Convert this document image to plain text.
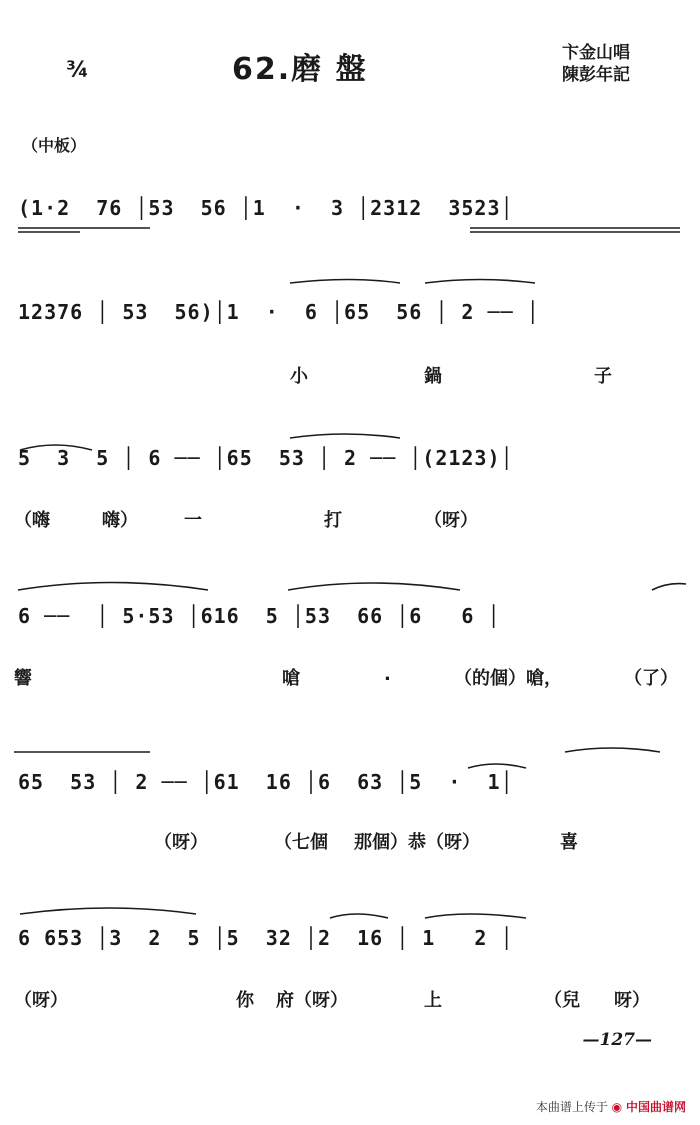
¾	62.磨 盤	卞金山唱
陳彭年記
（中板）
(1·2  76 │53  56 │1  ·  3 │2312  3523│
12376 │ 53  56)│1  ·  6 │65  56 │ 2 ── │
小	鍋	子
5  3  5 │ 6 ── │65  53 │ 2 ── │(2123)│
（嗨	嗨）	一	打	（呀）
6 ──  │ 5·53 │616  5 │53  66 │6   6 │
響	嗆	.	（的個）嗆，	（了）
65  53 │ 2 ── │61  16 │6  63 │5  ·  1│
（呀）	（七個 那個）恭（呀）	喜
6 653 │3  2  5 │5  32 │2  16 │ 1   2 │
（呀）	你 府（呀）	上	（兒 呀）
—127—
本曲谱上传于 ◉ 中国曲谱网
